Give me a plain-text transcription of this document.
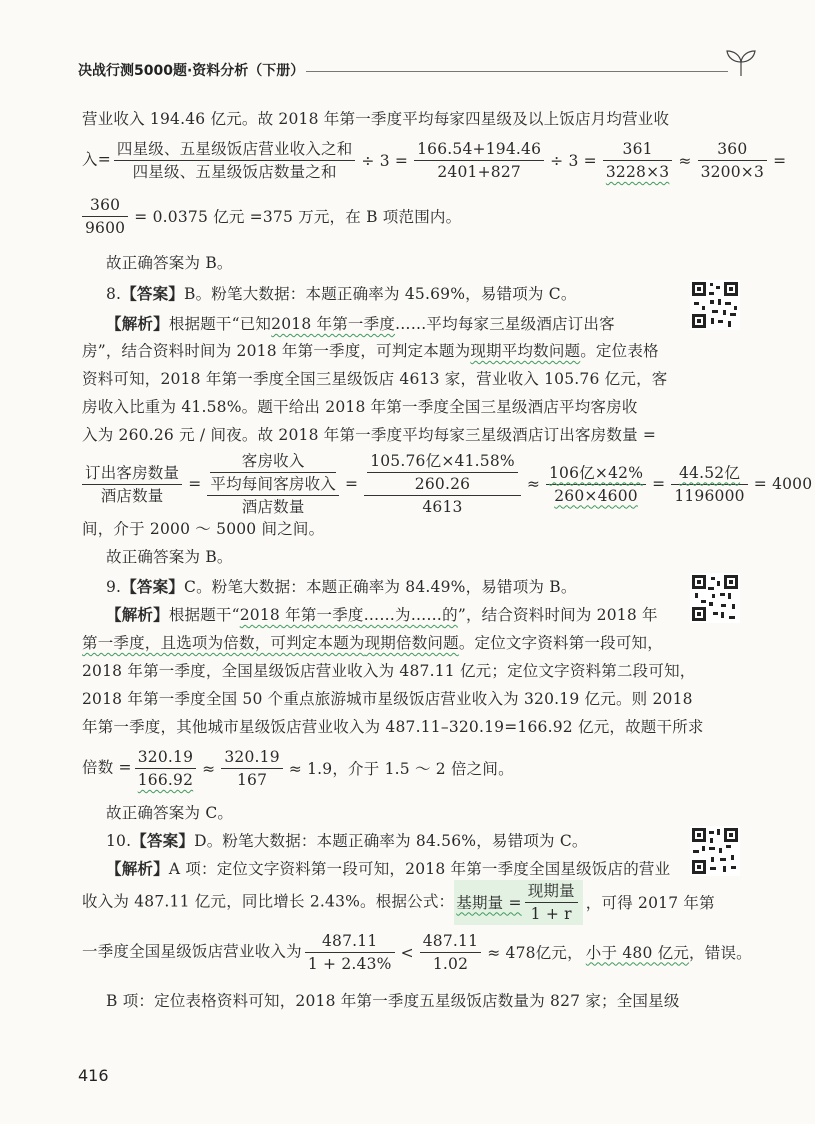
决战行测5000题·资料分析（下册）
营业收入 194.46 亿元。故 2018 年第一季度平均每家四星级及以上饭店月均营业收
入= $\frac{\text{四星级、五星级饭店营业收入之和}}{\text{四星级、五星级饭店数量之和}} \div 3 = \frac{166.54+194.46}{2401+827} \div 3 = \frac{361}{3228\times 3} \approx \frac{360}{3200\times 3}$ =
$\frac{360}{9600} = 0.0375$ 亿元 =375 万元，在 B 项范围内。
故正确答案为 B。
8.【答案】B。粉笔大数据：本题正确率为 45.69%，易错项为 C。
【解析】根据题干“已知2018 年第一季度……平均每家三星级酒店订出客
房”，结合资料时间为 2018 年第一季度，可判定本题为现期平均数问题。定位表格
资料可知，2018 年第一季度全国三星级饭店 4613 家，营业收入 105.76 亿元，客
房收入比重为 41.58%。题干给出 2018 年第一季度全国三星级酒店平均客房收
入为 260.26 元 / 间夜。故 2018 年第一季度平均每家三星级酒店订出客房数量 =
$\frac{\text{订出客房数量}}{\text{酒店数量}} = \frac{\frac{\text{客房收入}}{\text{平均每间客房收入}}}{\text{酒店数量}} = \frac{\frac{\text{105.76亿×41.58\%}}{260.26}}{4613} \approx \frac{\text{106亿×42\%}}{260\times 4600} = \frac{\text{44.52亿}}{1196000} = 4000$
间，介于 2000 ～ 5000 间之间。
故正确答案为 B。
9.【答案】C。粉笔大数据：本题正确率为 84.49%，易错项为 B。
【解析】根据题干“2018 年第一季度……为……的”，结合资料时间为 2018 年
第一季度，且选项为倍数，可判定本题为现期倍数问题。定位文字资料第一段可知，
2018 年第一季度，全国星级饭店营业收入为 487.11 亿元；定位文字资料第二段可知，
2018 年第一季度全国 50 个重点旅游城市星级饭店营业收入为 320.19 亿元。则 2018
年第一季度，其他城市星级饭店营业收入为 487.11–320.19=166.92 亿元，故题干所求
倍数 = $\frac{320.19}{166.92} \approx \frac{320.19}{167} \approx 1.9$，介于 1.5 ～ 2 倍之间。
故正确答案为 C。
10.【答案】D。粉笔大数据：本题正确率为 84.56%，易错项为 C。
【解析】A 项：定位文字资料第一段可知，2018 年第一季度全国星级饭店的营业
收入为 487.11 亿元，同比增长 2.43%。根据公式： 基期量 = $\frac{\text{现期量}}{1 + r}$ ，可得 2017 年第
一季度全国星级饭店营业收入为 $\frac{487.11}{1 + 2.43\%} < \frac{487.11}{1.02} \approx 478$亿元， 小于 480 亿元，错误。
B 项：定位表格资料可知，2018 年第一季度五星级饭店数量为 827 家；全国星级
416
